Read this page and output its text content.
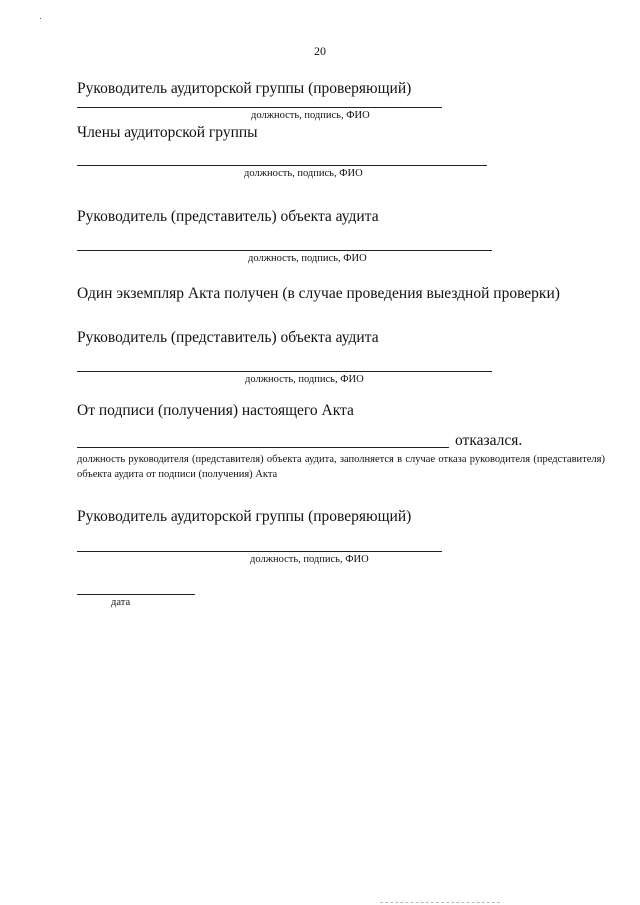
20
Руководитель аудиторской группы (проверяющий)
должность, подпись, ФИО
Члены аудиторской группы
должность, подпись, ФИО
Руководитель (представитель) объекта аудита
должность, подпись, ФИО
Один экземпляр Акта получен (в случае проведения выездной проверки)
Руководитель (представитель) объекта аудита
должность, подпись, ФИО
От подписи (получения) настоящего Акта
отказался.
должность руководителя (представителя) объекта аудита, заполняется в случае отказа руководителя (представителя) объекта аудита от подписи (получения) Акта
Руководитель аудиторской группы (проверяющий)
должность, подпись, ФИО
дата
